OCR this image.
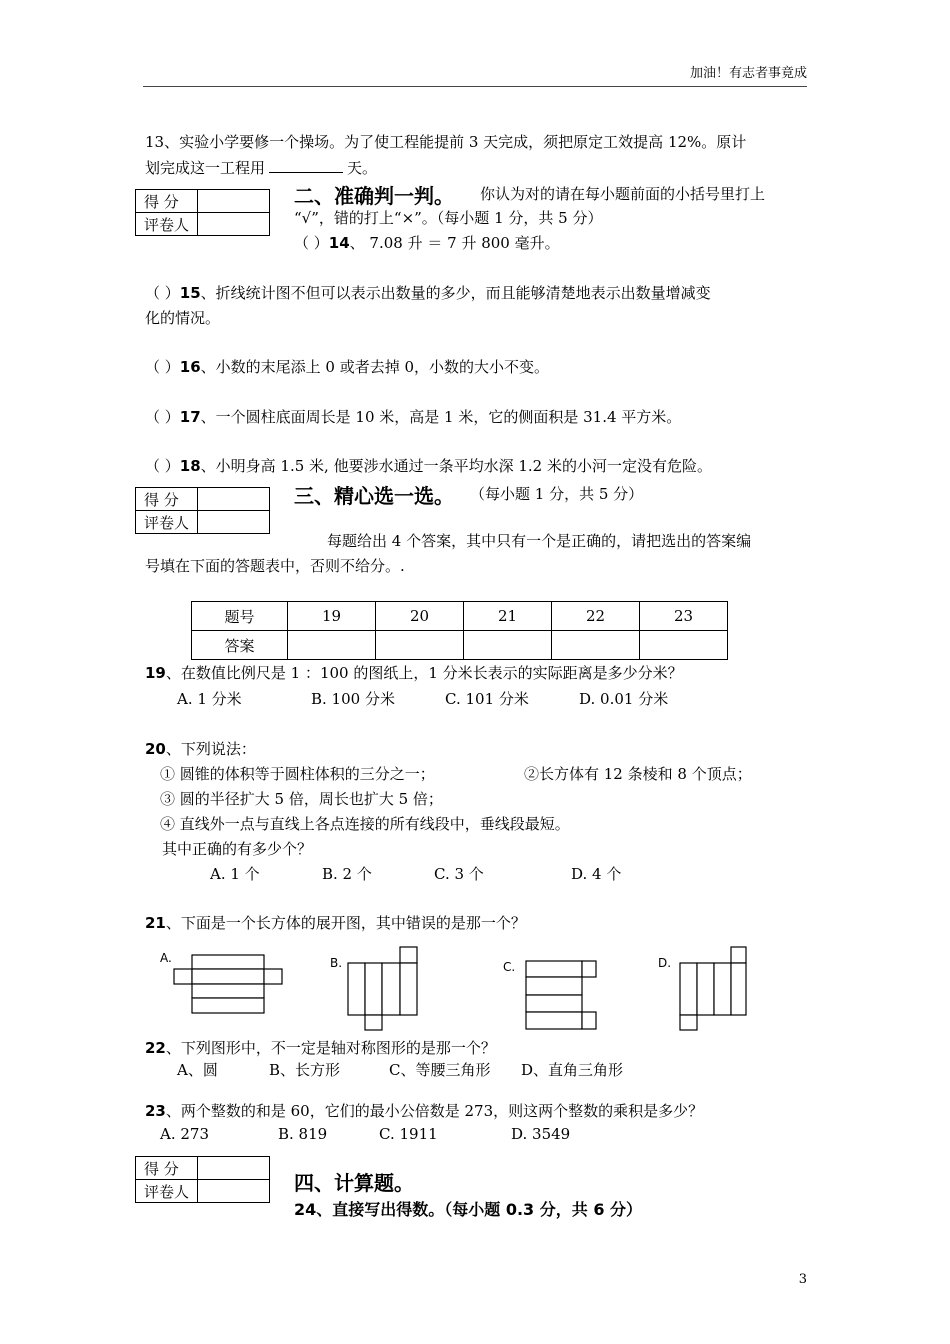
加油！有志者事竟成
13、实验小学要修一个操场。为了使工程能提前 3 天完成，须把原定工效提高 12%。原计
划完成这一工程用	天。
得 分	
评卷人	
二、准确判一判。 你认为对的请在每小题前面的小括号里打上
“√”，错的打上“×”。（每小题 1 分，共 5 分）
（ ）14、 7.08 升 ＝ 7 升 800 毫升。
（ ）15、折线统计图不但可以表示出数量的多少，而且能够清楚地表示出数量增减变
化的情况。
（ ）16、小数的末尾添上 0 或者去掉 0，小数的大小不变。
（ ）17、一个圆柱底面周长是 10 米，高是 1 米，它的侧面积是 31.4 平方米。
（ ）18、小明身高 1.5 米, 他要涉水通过一条平均水深 1.2 米的小河一定没有危险。
得 分	
评卷人	
三、精心选一选。 （每小题 1 分，共 5 分）
每题给出 4 个答案，其中只有一个是正确的，请把选出的答案编
号填在下面的答题表中，否则不给分。.
题号	19	20	21	22	23
答案					
19、在数值比例尺是 1 ：100 的图纸上，1 分米长表示的实际距离是多少分米？
A. 1 分米	B. 100 分米	C. 101 分米	D. 0.01 分米
20、下列说法：
① 圆锥的体积等于圆柱体积的三分之一；	②长方体有 12 条棱和 8 个顶点；
③ 圆的半径扩大 5 倍，周长也扩大 5 倍；
④ 直线外一点与直线上各点连接的所有线段中，垂线段最短。
其中正确的有多少个？
A. 1 个	B. 2 个	C. 3 个	D. 4 个
21、下面是一个长方体的展开图，其中错误的是那一个？
A.	B.	C.	D.
22、下列图形中，不一定是轴对称图形的是那一个？
A、圆	B、长方形	C、等腰三角形 D、直角三角形
23、两个整数的和是 60，它们的最小公倍数是 273，则这两个整数的乘积是多少？
A. 273	B. 819	C. 1911	D. 3549
得 分	
评卷人		四、计算题。
24、直接写出得数。（每小题 0.3 分，共 6 分）
3
